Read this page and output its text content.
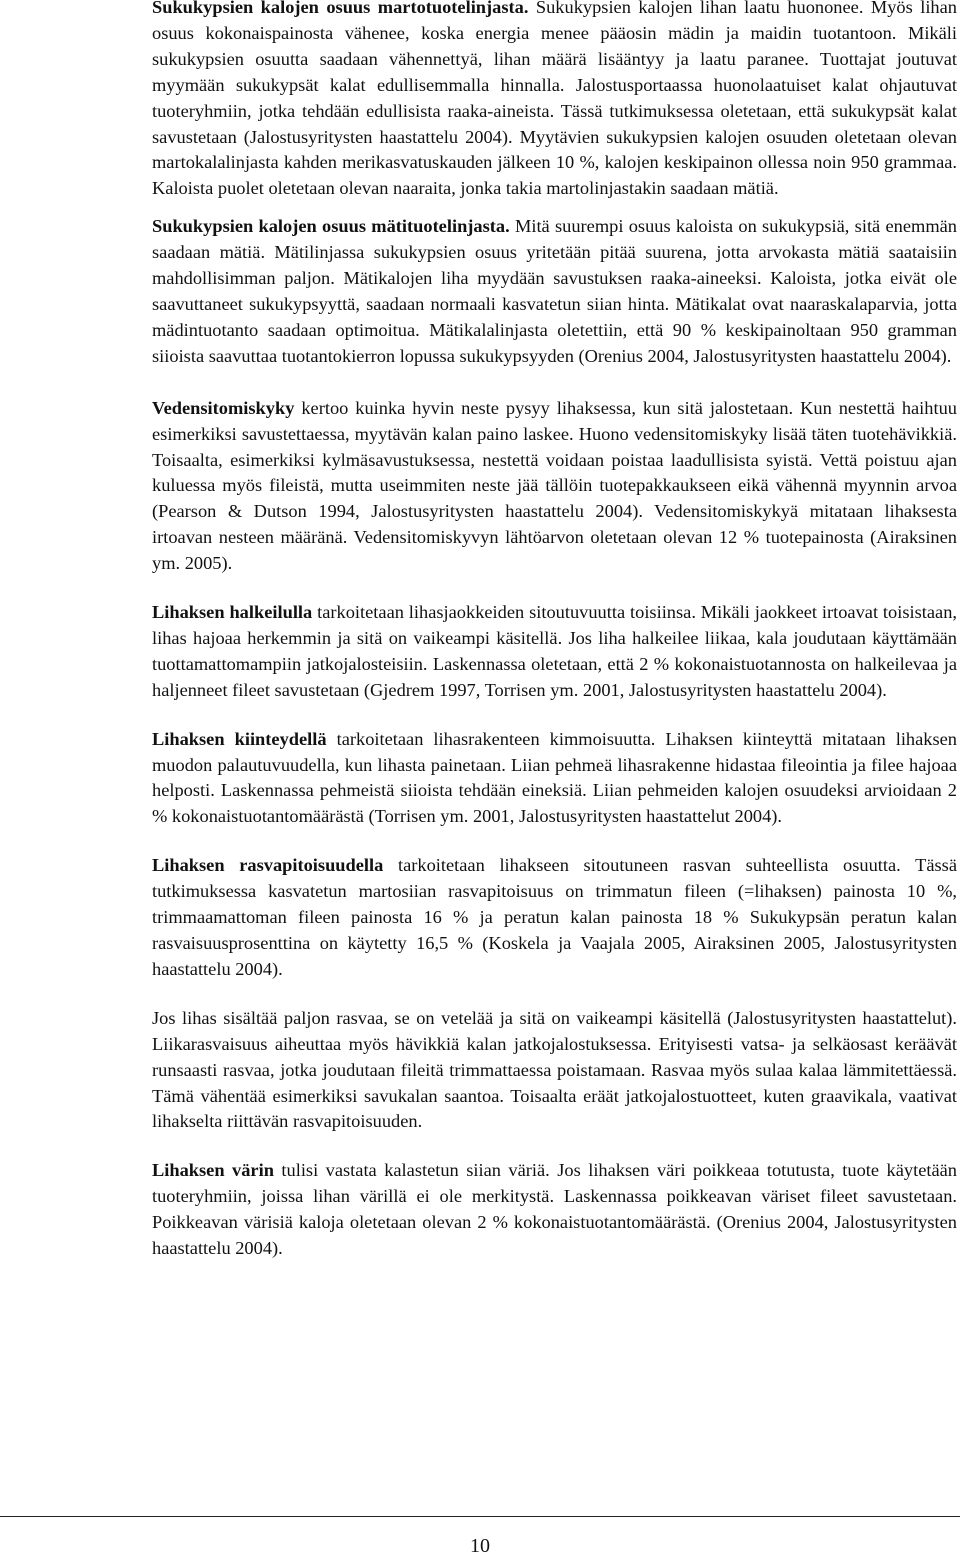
Sukukypsien kalojen osuus martotuotelinjasta. Sukukypsien kalojen lihan laatu huononee. Myös lihan osuus kokonaispainosta vähenee, koska energia menee pääosin mädin ja maidin tuotantoon. Mikäli sukukypsien osuutta saadaan vähennettyä, lihan määrä lisääntyy ja laatu paranee. Tuottajat joutuvat myymään sukukypsät kalat edullisemmalla hinnalla. Jalostusportaassa huonolaatuiset kalat ohjautuvat tuoteryhmiin, jotka tehdään edullisista raaka-aineista. Tässä tutkimuksessa oletetaan, että sukukypsät kalat savustetaan (Jalostusyritysten haastattelu 2004). Myytävien sukukypsien kalojen osuuden oletetaan olevan martokalalinjasta kahden merikasvatuskauden jälkeen 10 %, kalojen keskipainon ollessa noin 950 grammaa. Kaloista puolet oletetaan olevan naaraita, jonka takia martolinjastakin saadaan mätiä.

Sukukypsien kalojen osuus mätituotelinjasta. Mitä suurempi osuus kaloista on sukukypsiä, sitä enemmän saadaan mätiä. Mätilinjassa sukukypsien osuus yritetään pitää suurena, jotta arvokasta mätiä saataisiin mahdollisimman paljon. Mätikalojen liha myydään savustuksen raaka-aineeksi. Kaloista, jotka eivät ole saavuttaneet sukukypsyyttä, saadaan normaali kasvatetun siian hinta. Mätikalat ovat naaraskalaparvia, jotta mädintuotanto saadaan optimoitua. Mätikalalinjasta oletettiin, että 90 % keskipainoltaan 950 gramman siioista saavuttaa tuotantokierron lopussa sukukypsyyden (Orenius 2004, Jalostusyritysten haastattelu 2004).

Vedensitomiskyky kertoo kuinka hyvin neste pysyy lihaksessa, kun sitä jalostetaan. Kun nestettä haihtuu esimerkiksi savustettaessa, myytävän kalan paino laskee. Huono vedensitomiskyky lisää täten tuotehävikkiä. Toisaalta, esimerkiksi kylmäsavustuksessa, nestettä voidaan poistaa laadullisista syistä. Vettä poistuu ajan kuluessa myös fileistä, mutta useimmiten neste jää tällöin tuotepakkaukseen eikä vähennä myynnin arvoa (Pearson & Dutson 1994, Jalostusyritysten haastattelu 2004). Vedensitomiskykyä mitataan lihaksesta irtoavan nesteen määränä. Vedensitomiskyvyn lähtöarvon oletetaan olevan 12 % tuotepainosta (Airaksinen ym. 2005).

Lihaksen halkeilulla tarkoitetaan lihasjaokkeiden sitoutuvuutta toisiinsa. Mikäli jaokkeet irtoavat toisistaan, lihas hajoaa herkemmin ja sitä on vaikeampi käsitellä. Jos liha halkeilee liikaa, kala joudutaan käyttämään tuottamattomampiin jatkojalosteisiin. Laskennassa oletetaan, että 2 % kokonaistuotannosta on halkeilevaa ja haljenneet fileet savustetaan (Gjedrem 1997, Torrisen ym. 2001, Jalostusyritysten haastattelu 2004).

Lihaksen kiinteydellä tarkoitetaan lihasrakenteen kimmoisuutta. Lihaksen kiinteyttä mitataan lihaksen muodon palautuvuudella, kun lihasta painetaan. Liian pehmeä lihasrakenne hidastaa fileointia ja filee hajoaa helposti. Laskennassa pehmeistä siioista tehdään eineksiä. Liian pehmeiden kalojen osuudeksi arvioidaan 2 % kokonaistuotantomäärästä (Torrisen ym. 2001, Jalostusyritysten haastattelut 2004).

Lihaksen rasvapitoisuudella tarkoitetaan lihakseen sitoutuneen rasvan suhteellista osuutta. Tässä tutkimuksessa kasvatetun martosiian rasvapitoisuus on trimmatun fileen (=lihaksen) painosta 10 %, trimmaamattoman fileen painosta 16 % ja peratun kalan painosta 18 % Sukukypsän peratun kalan rasvaisuusprosenttina on käytetty 16,5 % (Koskela ja Vaajala 2005, Airaksinen 2005, Jalostusyritysten haastattelu 2004).

Jos lihas sisältää paljon rasvaa, se on vetelää ja sitä on vaikeampi käsitellä (Jalostusyritysten haastattelut). Liikarasvaisuus aiheuttaa myös hävikkiä kalan jatkojalostuksessa. Erityisesti vatsa- ja selkäosast keräävät runsaasti rasvaa, jotka joudutaan fileitä trimmattaessa poistamaan. Rasvaa myös sulaa kalaa lämmitettäessä. Tämä vähentää esimerkiksi savukalan saantoa. Toisaalta eräät jatkojalostuotteet, kuten graavikala, vaativat lihakselta riittävän rasvapitoisuuden.

Lihaksen värin tulisi vastata kalastetun siian väriä. Jos lihaksen väri poikkeaa totutusta, tuote käytetään tuoteryhmiin, joissa lihan värillä ei ole merkitystä. Laskennassa poikkeavan väriset fileet savustetaan. Poikkeavan värisiä kaloja oletetaan olevan 2 % kokonaistuotantomäärästä. (Orenius 2004, Jalostusyritysten haastattelu 2004).

10
